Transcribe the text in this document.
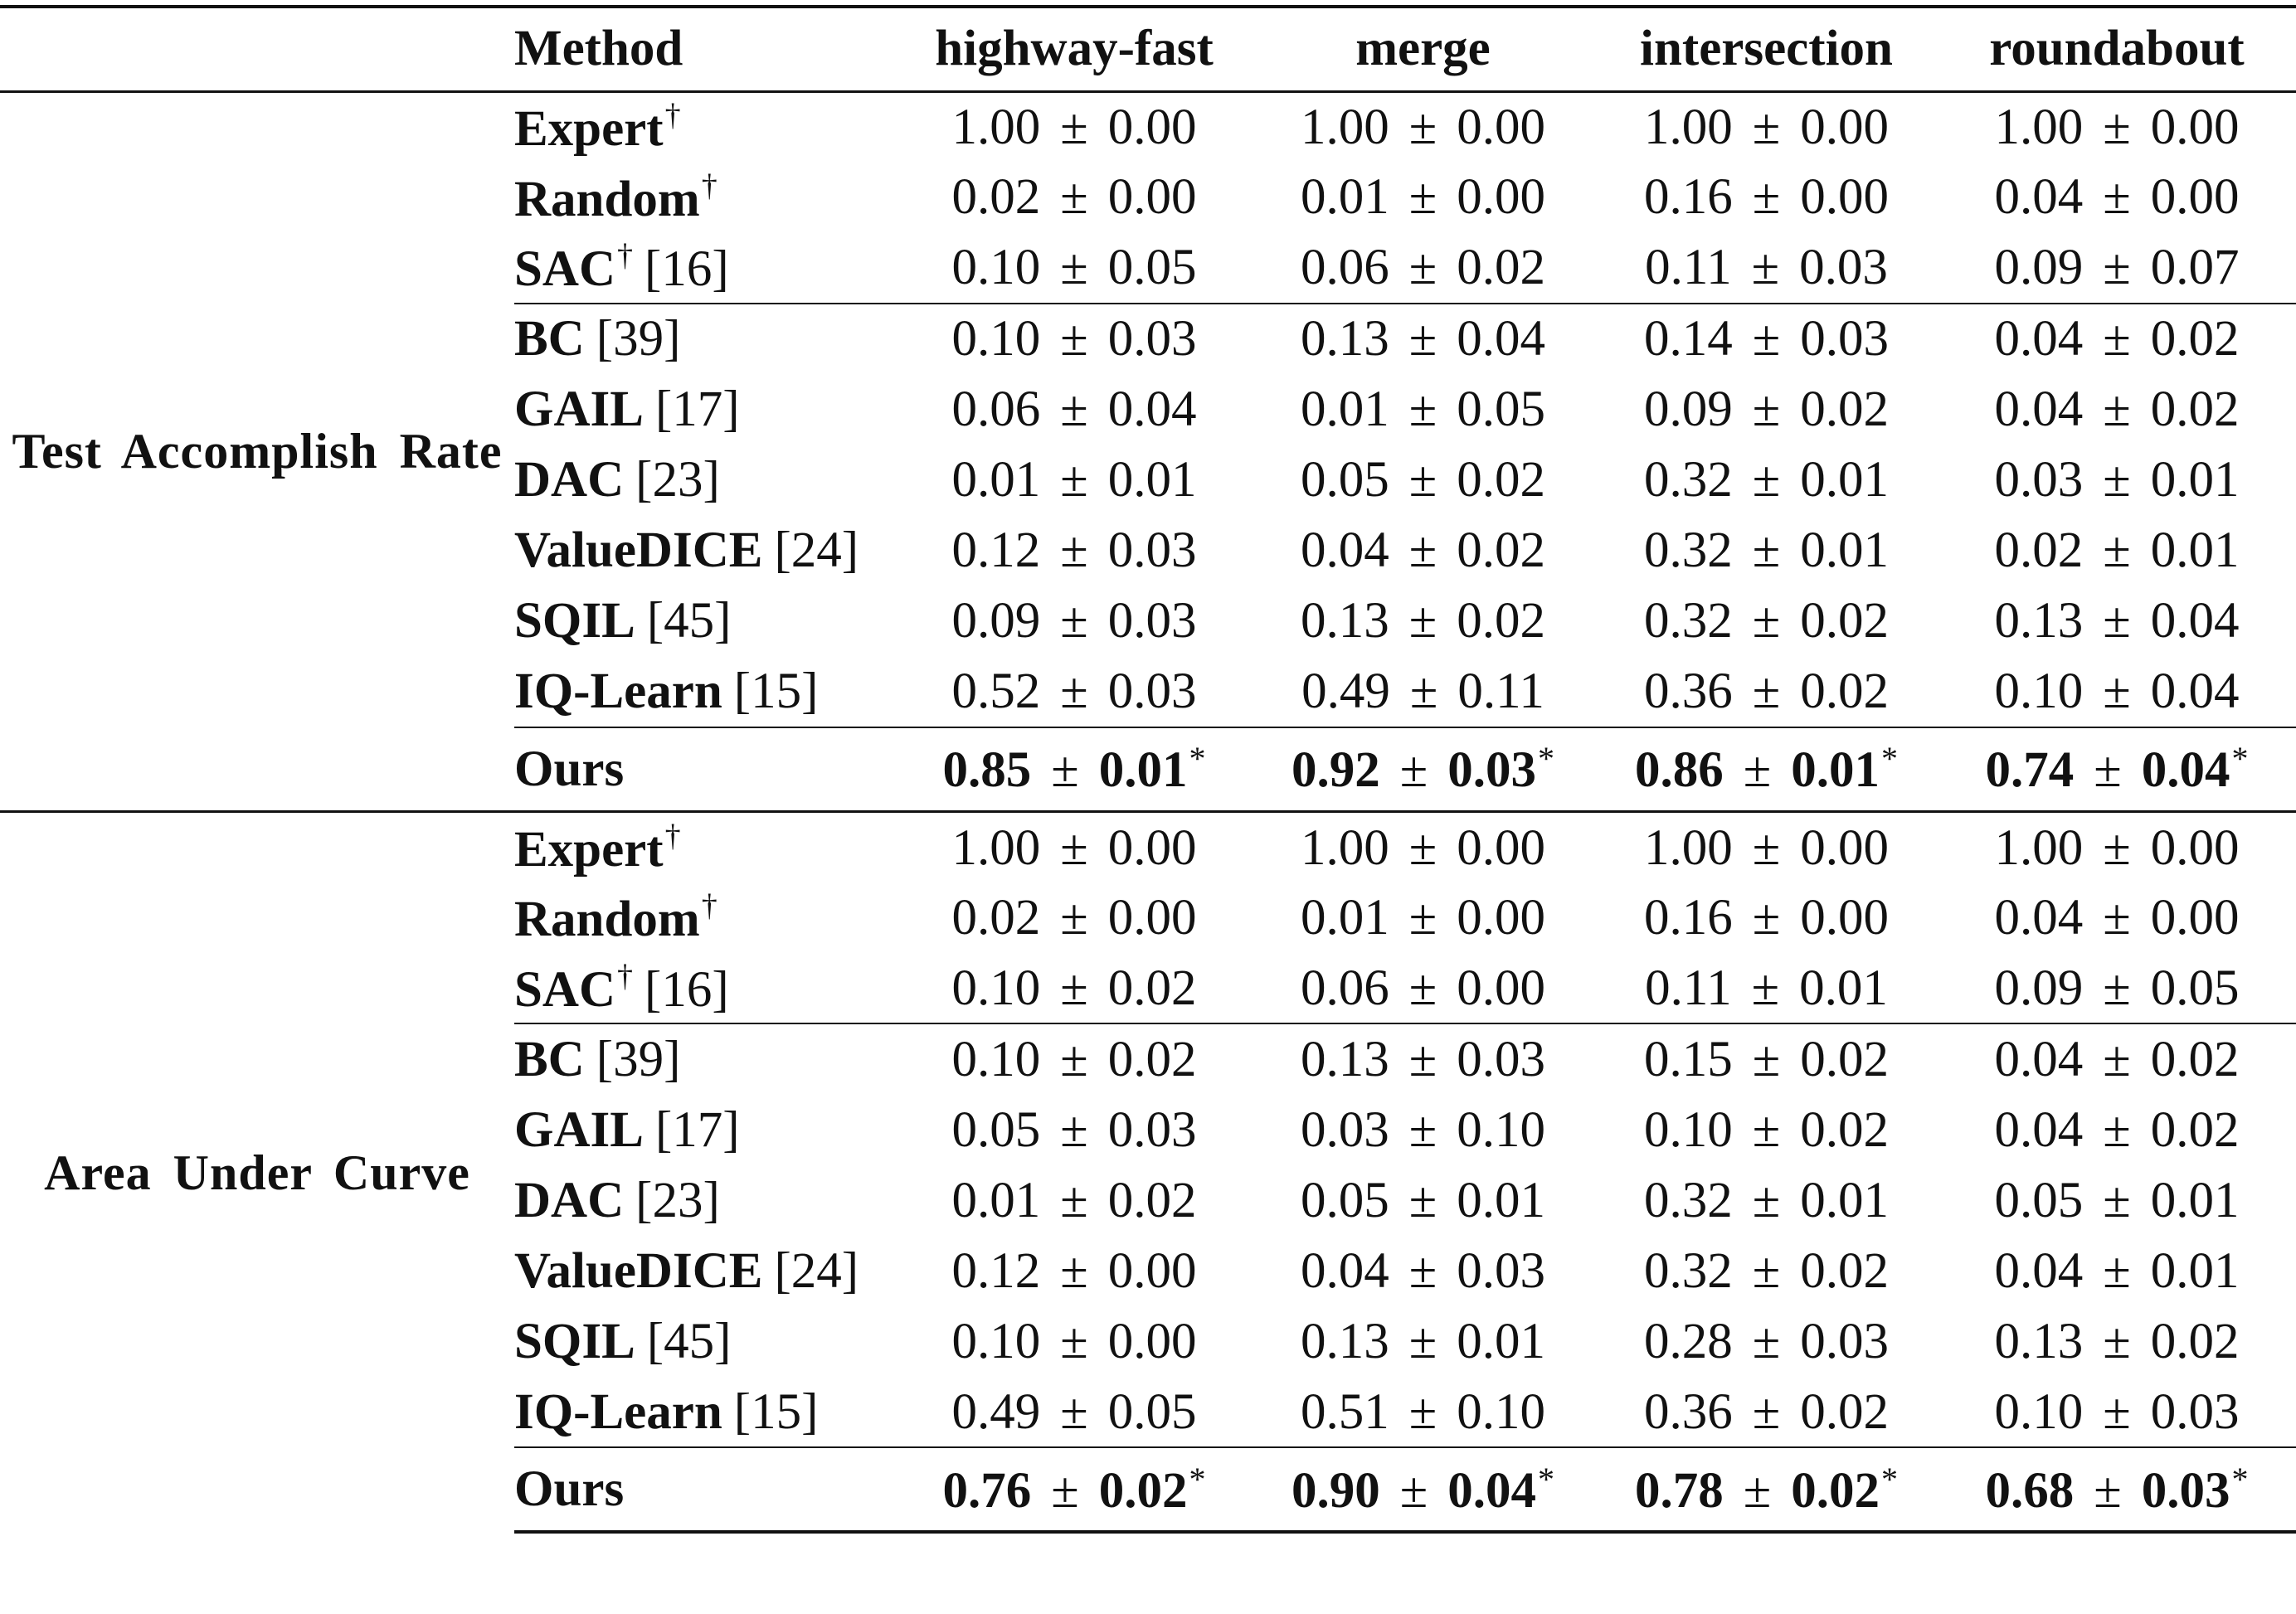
	Method	highway-fast	merge	intersection	roundabout
Test Accomplish Rate	Expert†	1.00 ± 0.00	1.00 ± 0.00	1.00 ± 0.00	1.00 ± 0.00
	Random†	0.02 ± 0.00	0.01 ± 0.00	0.16 ± 0.00	0.04 ± 0.00
	SAC† [16]	0.10 ± 0.05	0.06 ± 0.02	0.11 ± 0.03	0.09 ± 0.07
	BC [39]	0.10 ± 0.03	0.13 ± 0.04	0.14 ± 0.03	0.04 ± 0.02
	GAIL [17]	0.06 ± 0.04	0.01 ± 0.05	0.09 ± 0.02	0.04 ± 0.02
	DAC [23]	0.01 ± 0.01	0.05 ± 0.02	0.32 ± 0.01	0.03 ± 0.01
	ValueDICE [24]	0.12 ± 0.03	0.04 ± 0.02	0.32 ± 0.01	0.02 ± 0.01
	SQIL [45]	0.09 ± 0.03	0.13 ± 0.02	0.32 ± 0.02	0.13 ± 0.04
	IQ-Learn [15]	0.52 ± 0.03	0.49 ± 0.11	0.36 ± 0.02	0.10 ± 0.04
	Ours	0.85 ± 0.01*	0.92 ± 0.03*	0.86 ± 0.01*	0.74 ± 0.04*
Area Under Curve	Expert†	1.00 ± 0.00	1.00 ± 0.00	1.00 ± 0.00	1.00 ± 0.00
	Random†	0.02 ± 0.00	0.01 ± 0.00	0.16 ± 0.00	0.04 ± 0.00
	SAC† [16]	0.10 ± 0.02	0.06 ± 0.00	0.11 ± 0.01	0.09 ± 0.05
	BC [39]	0.10 ± 0.02	0.13 ± 0.03	0.15 ± 0.02	0.04 ± 0.02
	GAIL [17]	0.05 ± 0.03	0.03 ± 0.10	0.10 ± 0.02	0.04 ± 0.02
	DAC [23]	0.01 ± 0.02	0.05 ± 0.01	0.32 ± 0.01	0.05 ± 0.01
	ValueDICE [24]	0.12 ± 0.00	0.04 ± 0.03	0.32 ± 0.02	0.04 ± 0.01
	SQIL [45]	0.10 ± 0.00	0.13 ± 0.01	0.28 ± 0.03	0.13 ± 0.02
	IQ-Learn [15]	0.49 ± 0.05	0.51 ± 0.10	0.36 ± 0.02	0.10 ± 0.03
	Ours	0.76 ± 0.02*	0.90 ± 0.04*	0.78 ± 0.02*	0.68 ± 0.03*
